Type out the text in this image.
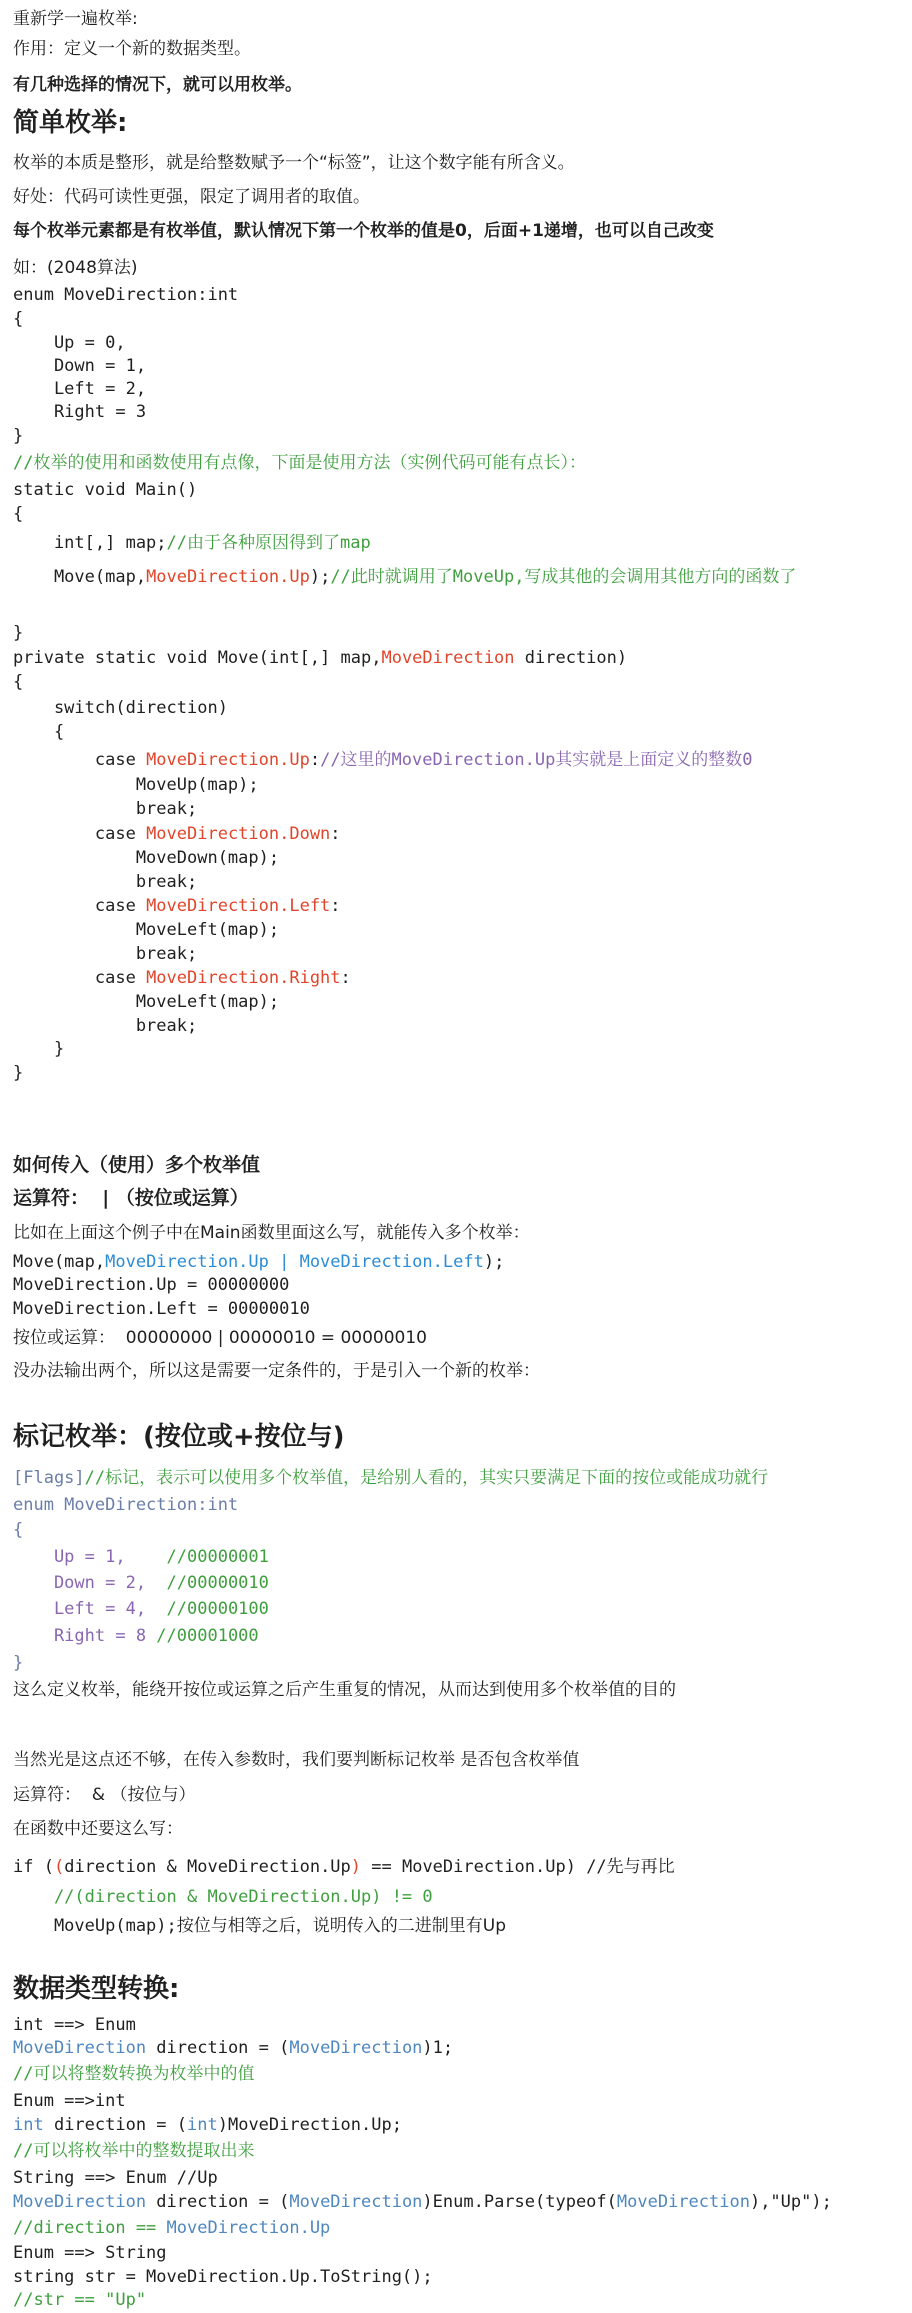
重新学一遍枚举:
作用：定义一个新的数据类型。
有几种选择的情况下，就可以用枚举。
简单枚举:
枚举的本质是整形，就是给整数赋予一个“标签”，让这个数字能有所含义。
好处：代码可读性更强，限定了调用者的取值。
每个枚举元素都是有枚举值，默认情况下第一个枚举的值是0，后面+1递增，也可以自己改变
如：(2048算法)
enum MoveDirection:int
{
Up = 0,
Down = 1,
Left = 2,
Right = 3
}
//枚举的使用和函数使用有点像，下面是使用方法（实例代码可能有点长）：
static void Main()
{
int[,] map;//由于各种原因得到了map
Move(map,MoveDirection.Up);//此时就调用了MoveUp,写成其他的会调用其他方向的函数了
}
private static void Move(int[,] map,MoveDirection direction)
{
switch(direction)
{
case MoveDirection.Up://这里的MoveDirection.Up其实就是上面定义的整数0
MoveUp(map);
break;
case MoveDirection.Down:
MoveDown(map);
break;
case MoveDirection.Left:
MoveLeft(map);
break;
case MoveDirection.Right:
MoveLeft(map);
break;
}
}
如何传入（使用）多个枚举值
运算符：  | （按位或运算）
比如在上面这个例子中在Main函数里面这么写，就能传入多个枚举：
Move(map,MoveDirection.Up | MoveDirection.Left);
MoveDirection.Up = 00000000
MoveDirection.Left = 00000010
按位或运算：  00000000 | 00000010 = 00000010
没办法输出两个，所以这是需要一定条件的，于是引入一个新的枚举：
标记枚举：(按位或+按位与)
[Flags]//标记，表示可以使用多个枚举值，是给别人看的，其实只要满足下面的按位或能成功就行
enum MoveDirection:int
{
Up = 1,    //00000001
Down = 2,  //00000010
Left = 4,  //00000100
Right = 8 //00001000
}
这么定义枚举，能绕开按位或运算之后产生重复的情况，从而达到使用多个枚举值的目的
当然光是这点还不够，在传入参数时，我们要判断标记枚举 是否包含枚举值
运算符：  & （按位与）
在函数中还要这么写：
if ((direction & MoveDirection.Up) == MoveDirection.Up) //先与再比
//(direction & MoveDirection.Up) != 0
MoveUp(map);按位与相等之后，说明传入的二进制里有Up
数据类型转换:
int ==> Enum
MoveDirection direction = (MoveDirection)1;
//可以将整数转换为枚举中的值
Enum ==>int
int direction = (int)MoveDirection.Up;
//可以将枚举中的整数提取出来
String ==> Enum //Up
MoveDirection direction = (MoveDirection)Enum.Parse(typeof(MoveDirection),"Up");
//direction == MoveDirection.Up
Enum ==> String
string str = MoveDirection.Up.ToString();
//str == "Up"
